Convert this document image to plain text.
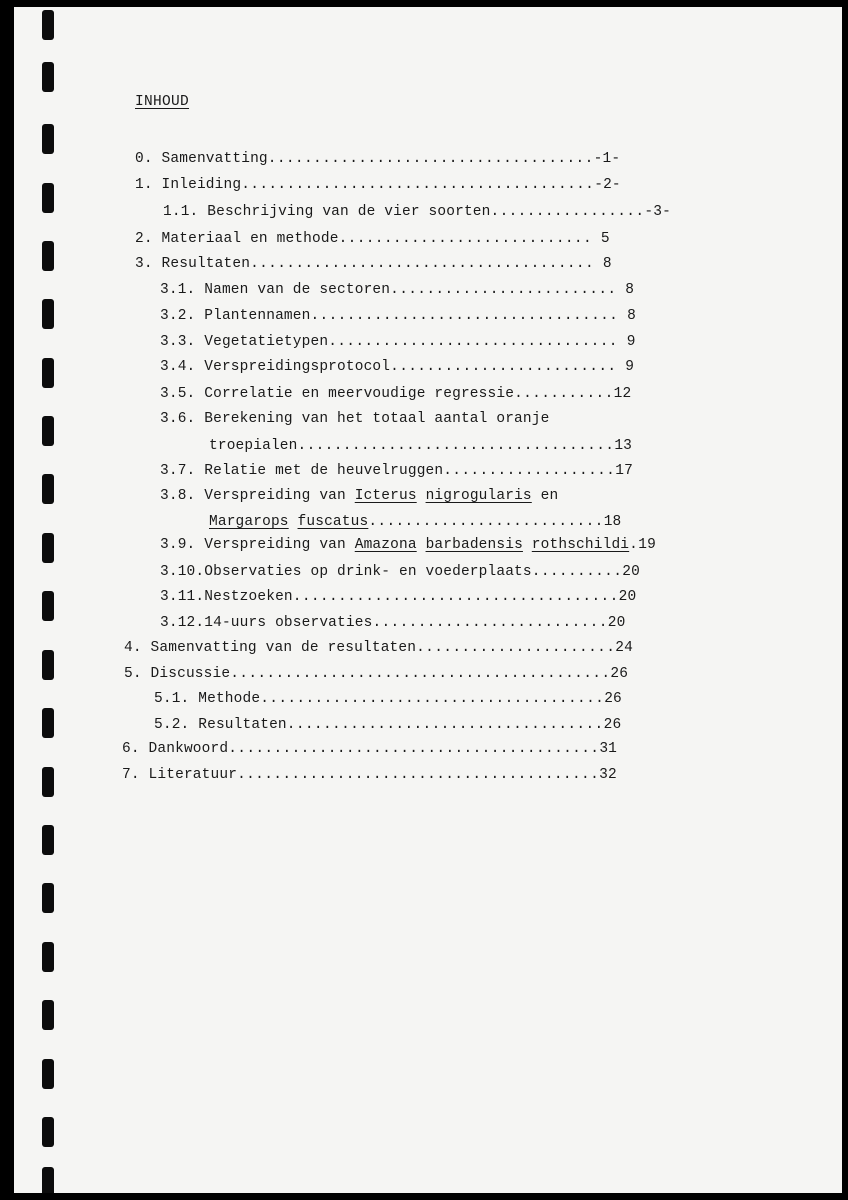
INHOUD
0. Samenvatting....................................-1-
1. Inleiding.......................................-2-
1.1. Beschrijving van de vier soorten.................-3-
2. Materiaal en methode............................ 5
3. Resultaten...................................... 8
3.1. Namen van de sectoren......................... 8
3.2. Plantennamen.................................. 8
3.3. Vegetatietypen................................ 9
3.4. Verspreidingsprotocol......................... 9
3.5. Correlatie en meervoudige regressie...........12
3.6. Berekening van het totaal aantal oranje
troepialen...................................13
3.7. Relatie met de heuvelruggen...................17
3.8. Verspreiding van Icterus nigrogularis en
Margarops fuscatus..........................18
3.9. Verspreiding van Amazona barbadensis rothschildi.19
3.10.Observaties op drink- en voederplaats..........20
3.11.Nestzoeken....................................20
3.12.14-uurs observaties..........................20
4. Samenvatting van de resultaten......................24
5. Discussie..........................................26
5.1. Methode......................................26
5.2. Resultaten...................................26
6. Dankwoord.........................................31
7. Literatuur........................................32
